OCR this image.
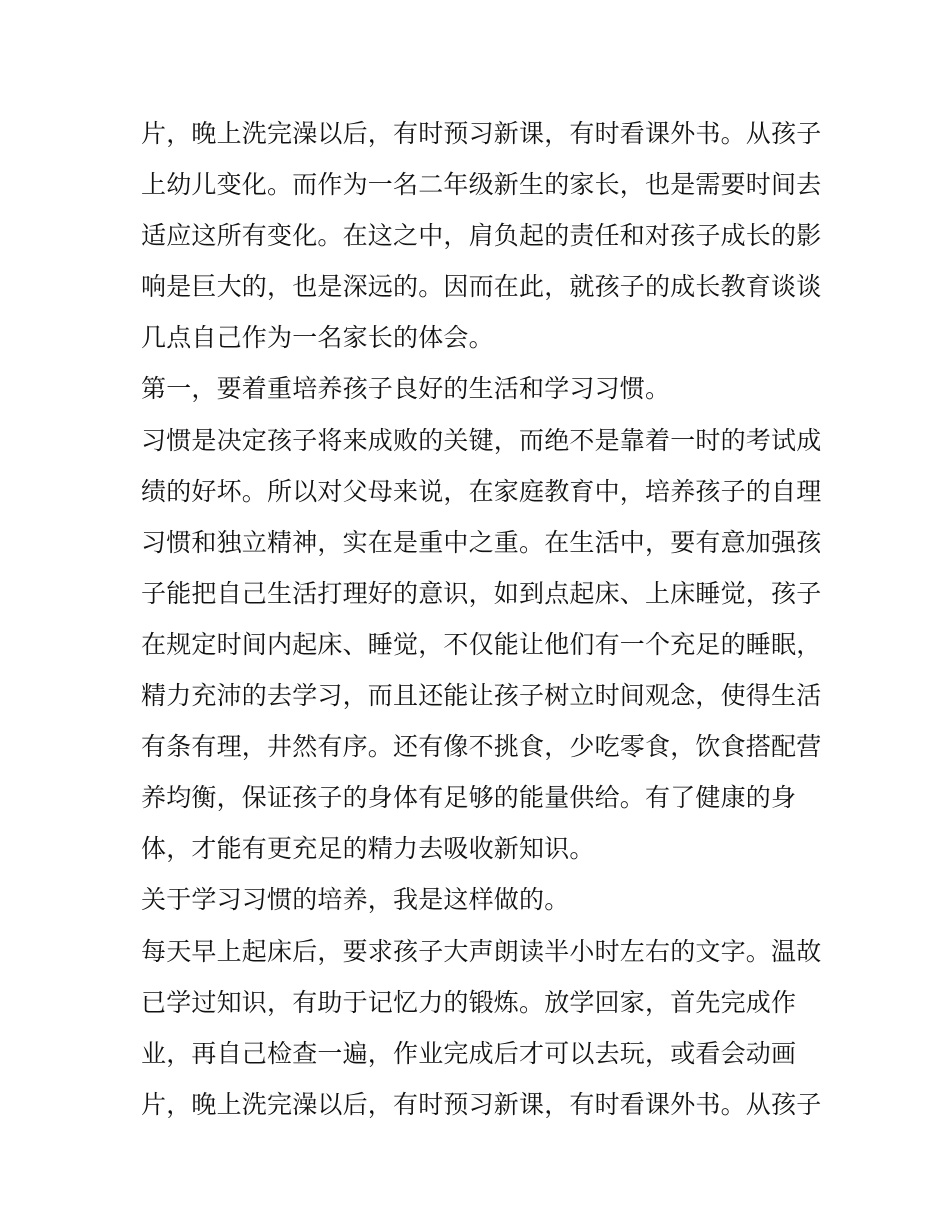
片，晚上洗完澡以后，有时预习新课，有时看课外书。从孩子
上幼儿变化。而作为一名二年级新生的家长，也是需要时间去
适应这所有变化。在这之中，肩负起的责任和对孩子成长的影
响是巨大的，也是深远的。因而在此，就孩子的成长教育谈谈
几点自己作为一名家长的体会。
第一，要着重培养孩子良好的生活和学习习惯。
习惯是决定孩子将来成败的关键，而绝不是靠着一时的考试成
绩的好坏。所以对父母来说，在家庭教育中，培养孩子的自理
习惯和独立精神，实在是重中之重。在生活中，要有意加强孩
子能把自己生活打理好的意识，如到点起床、上床睡觉，孩子
在规定时间内起床、睡觉，不仅能让他们有一个充足的睡眠，
精力充沛的去学习，而且还能让孩子树立时间观念，使得生活
有条有理，井然有序。还有像不挑食，少吃零食，饮食搭配营
养均衡，保证孩子的身体有足够的能量供给。有了健康的身
体，才能有更充足的精力去吸收新知识。
关于学习习惯的培养，我是这样做的。
每天早上起床后，要求孩子大声朗读半小时左右的文字。温故
已学过知识，有助于记忆力的锻炼。放学回家，首先完成作
业，再自己检查一遍，作业完成后才可以去玩，或看会动画
片，晚上洗完澡以后，有时预习新课，有时看课外书。从孩子
